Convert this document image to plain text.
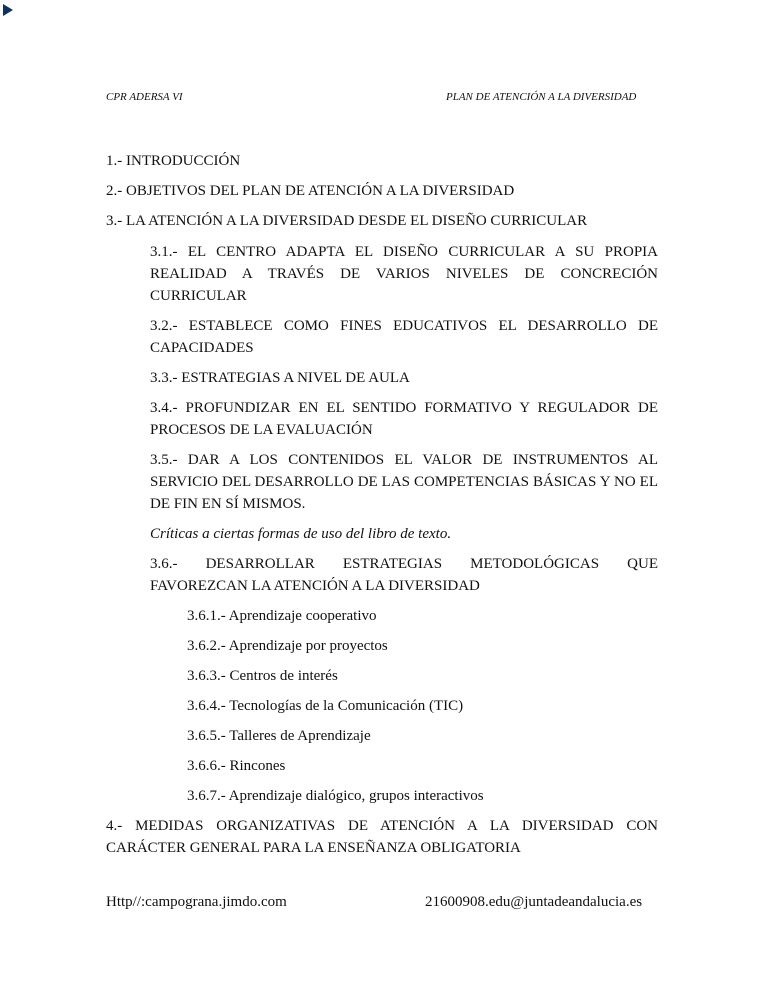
CPR ADERSA VI	PLAN DE ATENCIÓN A LA DIVERSIDAD
1.- INTRODUCCIÓN
2.- OBJETIVOS DEL PLAN DE ATENCIÓN A LA DIVERSIDAD
3.- LA ATENCIÓN A LA DIVERSIDAD DESDE EL DISEÑO CURRICULAR
3.1.- EL CENTRO ADAPTA EL DISEÑO CURRICULAR A SU PROPIA REALIDAD A TRAVÉS DE VARIOS NIVELES DE CONCRECIÓN CURRICULAR
3.2.- ESTABLECE COMO FINES EDUCATIVOS EL DESARROLLO DE CAPACIDADES
3.3.- ESTRATEGIAS A NIVEL DE AULA
3.4.- PROFUNDIZAR EN EL SENTIDO FORMATIVO Y REGULADOR DE PROCESOS DE LA EVALUACIÓN
3.5.- DAR A LOS CONTENIDOS EL VALOR DE INSTRUMENTOS AL SERVICIO DEL DESARROLLO DE LAS COMPETENCIAS BÁSICAS Y NO EL DE FIN EN SÍ MISMOS.
Críticas a ciertas formas de uso del libro de texto.
3.6.- DESARROLLAR ESTRATEGIAS METODOLÓGICAS QUE FAVOREZCAN LA ATENCIÓN A LA DIVERSIDAD
3.6.1.- Aprendizaje cooperativo
3.6.2.- Aprendizaje por proyectos
3.6.3.- Centros de interés
3.6.4.- Tecnologías de la Comunicación (TIC)
3.6.5.- Talleres de Aprendizaje
3.6.6.- Rincones
3.6.7.- Aprendizaje dialógico, grupos interactivos
4.- MEDIDAS ORGANIZATIVAS DE ATENCIÓN A LA DIVERSIDAD CON CARÁCTER GENERAL PARA LA ENSEÑANZA OBLIGATORIA
Http//:campograna.jimdo.com	21600908.edu@juntadeandalucia.es
